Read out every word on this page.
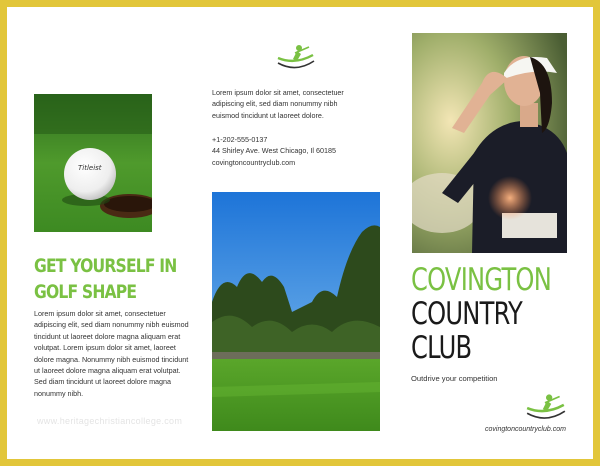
Titleist
GET YOURSELF IN
GOLF SHAPE

Lorem ipsum dolor sit amet, consectetuer adipiscing elit, sed diam nonummy nibh euismod tincidunt ut laoreet dolore magna aliquam erat volutpat. Lorem ipsum dolor sit amet, laoreet dolore magna. Nonummy nibh euismod tincidunt ut laoreet dolore magna aliquam erat volutpat. Sed diam tincidunt ut laoreet dolore magna nonummy nibh.

www.heritagechristiancollege.com

Lorem ipsum dolor sit amet, consectetuer adipiscing elit, sed diam nonummy nibh euismod tincidunt ut laoreet dolore.

+1-202-555-0137
44 Shirley Ave. West Chicago, Il 60185
covingtoncountryclub.com
COVINGTON
COUNTRY
CLUB
Outdrive your competition
covingtoncountryclub.com
